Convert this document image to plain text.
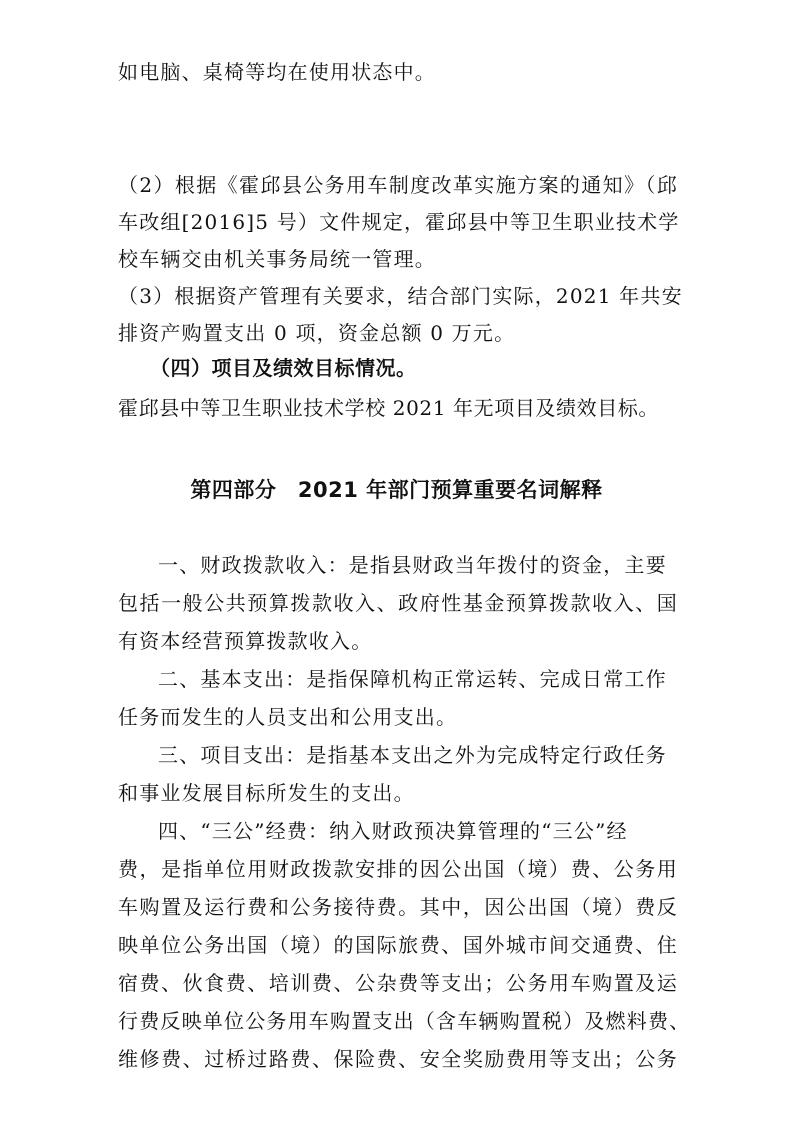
如电脑、桌椅等均在使用状态中。
（2）根据《霍邱县公务用车制度改革实施方案的通知》（邱
车改组[2016]5 号）文件规定，霍邱县中等卫生职业技术学
校车辆交由机关事务局统一管理。
（3）根据资产管理有关要求，结合部门实际，2021 年共安
排资产购置支出 0 项，资金总额 0 万元。
（四）项目及绩效目标情况。
霍邱县中等卫生职业技术学校 2021 年无项目及绩效目标。
第四部分　2021 年部门预算重要名词解释
一、财政拨款收入：是指县财政当年拨付的资金，主要
包括一般公共预算拨款收入、政府性基金预算拨款收入、国
有资本经营预算拨款收入。
二、基本支出：是指保障机构正常运转、完成日常工作
任务而发生的人员支出和公用支出。
三、项目支出：是指基本支出之外为完成特定行政任务
和事业发展目标所发生的支出。
四、“三公”经费：纳入财政预决算管理的“三公”经
费，是指单位用财政拨款安排的因公出国（境）费、公务用
车购置及运行费和公务接待费。其中，因公出国（境）费反
映单位公务出国（境）的国际旅费、国外城市间交通费、住
宿费、伙食费、培训费、公杂费等支出；公务用车购置及运
行费反映单位公务用车购置支出（含车辆购置税）及燃料费、
维修费、过桥过路费、保险费、安全奖励费用等支出；公务
